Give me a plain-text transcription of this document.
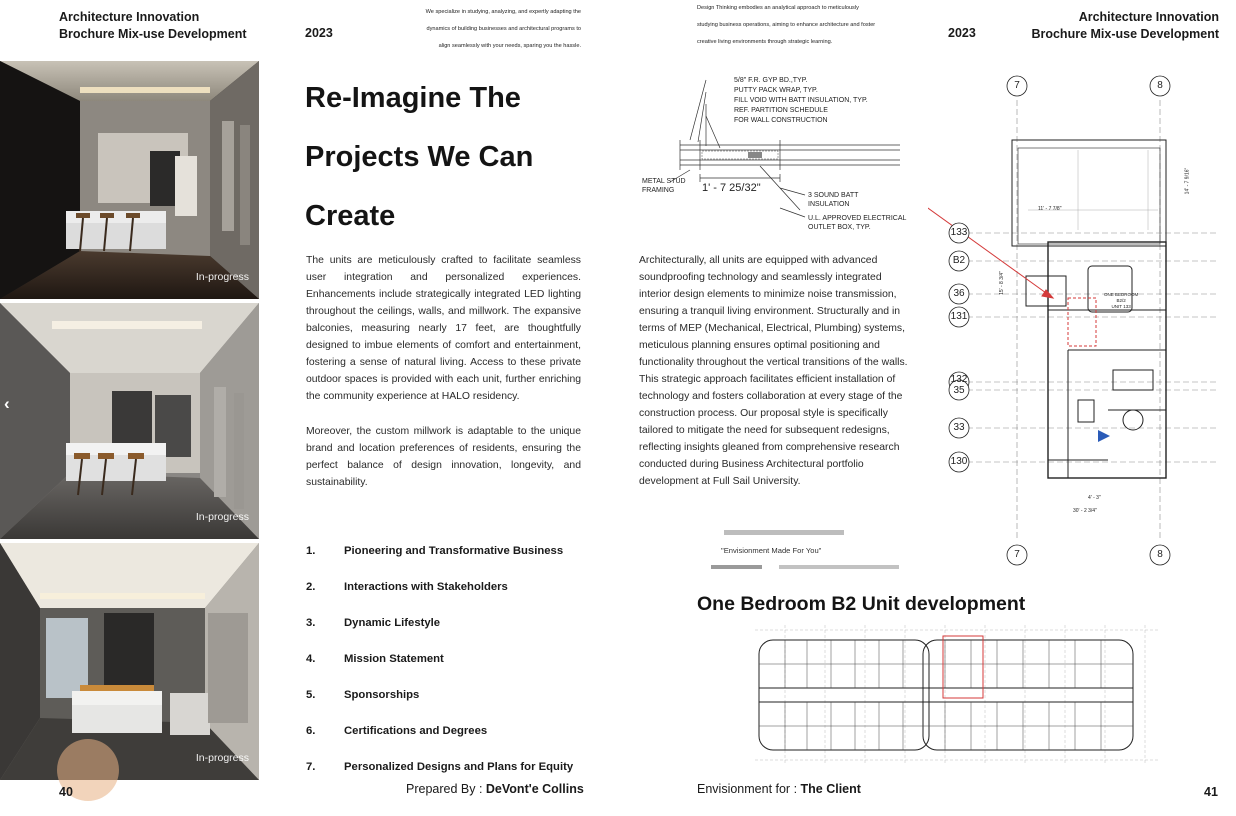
Architecture Innovation
Brochure Mix-use Development	2023
We specialize in studying, analyzing, and expertly adapting the
dynamics of building businesses and architectural programs to
align seamlessly with your needs, sparing you the hassle.
In-progress
In-progress
In-progress
‹
Re-Imagine The
Projects We Can
Create
The units are meticulously crafted to facilitate seamless user integration and personalized experiences. Enhancements include strategically integrated LED lighting throughout the ceilings, walls, and millwork. The expansive balconies, measuring nearly 17 feet, are thoughtfully designed to imbue elements of comfort and entertainment, fostering a sense of natural living. Access to these private outdoor spaces is provided with each unit, further enriching the community experience at HALO residency.
Moreover, the custom millwork is adaptable to the unique brand and location preferences of residents, ensuring the perfect balance of design innovation, longevity, and sustainability.
1.	Pioneering and Transformative Business
2.	Interactions with Stakeholders
3.	Dynamic Lifestyle
4.	Mission Statement
5.	Sponsorships
6.	Certifications and Degrees
7.	Personalized Designs and Plans for Equity
40	Prepared By : DeVont'e Collins
Design Thinking embodies an analytical approach to meticulously
studying business operations, aiming to enhance architecture and foster
creative living environments through strategic learning.
2023
Architecture Innovation
Brochure Mix-use Development
5/8" F.R. GYP BD.,TYP.
PUTTY PACK WRAP, TYP.
FILL VOID WITH BATT INSULATION, TYP.
REF. PARTITION SCHEDULE
FOR WALL CONSTRUCTION
METAL STUD
FRAMING	1' - 7 25/32"
3 SOUND BATT
INSULATION
U.L. APPROVED ELECTRICAL
OUTLET BOX, TYP.
Architecturally, all units are equipped with advanced soundproofing technology and seamlessly integrated interior design elements to minimize noise transmission, ensuring a tranquil living environment. Structurally and in terms of MEP (Mechanical, Electrical, Plumbing) systems, meticulous planning ensures optimal positioning and functionality throughout the vertical transitions of the walls. This strategic approach facilitates efficient installation of technology and fosters collaboration at every stage of the construction process. Our proposal style is specifically tailored to mitigate the need for subsequent redesigns, reflecting insights gleaned from comprehensive research conducted during Business Architectural portfolio development at Full Sail University.
"Envisionment Made For You"
7	8
7	8
133
B2
36
131
132
35
33
130
11' - 7 7/8"
14' - 7 9/16"
15' - 8 3/4"
4' - 3"
30' - 2 3/4"
ONE BEDROOM
B2/2
UNIT 133
One Bedroom B2 Unit development
Envisionment for : The Client	41
